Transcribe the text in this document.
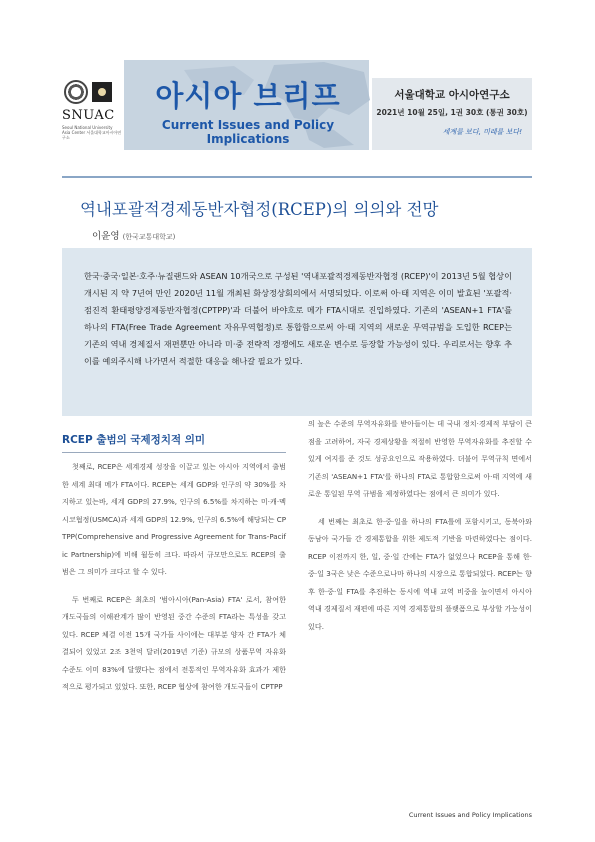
SNUAC
Seoul National University Asia Center 서울대학교아시아연구소
아시아 브리프
Current Issues and Policy Implications
서울대학교 아시아연구소
2021년 10월 25일, 1권 30호 (통권 30호)
세계를 보다, 미래를 보다!
역내포괄적경제동반자협정(RCEP)의 의의와 전망
이윤영 (한국교통대학교)

한국·중국·일본·호주·뉴질랜드와 ASEAN 10개국으로 구성된 '역내포괄적경제동반자협정 (RCEP)'이 2013년 5월 협상이 개시된 지 약 7년여 만인 2020년 11월 개최된 화상정상회의에서 서명되었다. 이로써 아·태 지역은 이미 발효된 '포괄적·점진적 환태평양경제동반자협정(CPTPP)'과 더불어 바야흐로 메가 FTA시대로 진입하였다. 기존의 'ASEAN+1 FTA'를 하나의 FTA(Free Trade Agreement 자유무역협정)로 통합함으로써 아·태 지역의 새로운 무역규범을 도입한 RCEP는 기존의 역내 경제질서 재편뿐만 아니라 미·중 전략적 경쟁에도 새로운 변수로 등장할 가능성이 있다. 우리로서는 향후 추이를 예의주시해 나가면서 적절한 대응을 해나갈 필요가 있다.

RCEP 출범의 국제정치적 의미

첫째로, RCEP은 세계경제 성장을 이끌고 있는 아시아 지역에서 출범한 세계 최대 메가 FTA이다. RCEP는 세계 GDP와 인구의 약 30%를 차지하고 있는바, 세계 GDP의 27.9%, 인구의 6.5%를 차지하는 미·캐·멕시코협정(USMCA)과 세계 GDP의 12.9%, 인구의 6.5%에 해당되는 CPTPP(Comprehensive and Progressive Agreement for Trans-Pacific Partnership)에 비해 월등히 크다. 따라서 규모만으로도 RCEP의 출범은 그 의미가 크다고 할 수 있다.

두 번째로 RCEP은 최초의 '범아시아(Pan-Asia) FTA' 로서, 참여한 개도국들의 이해관계가 많이 반영된 중간 수준의 FTA라는 특성을 갖고 있다. RCEP 체결 이전 15개 국가들 사이에는 대부분 양자 간 FTA가 체결되어 있었고 2조 3천억 달러(2019년 기준) 규모의 상품무역 자유화 수준도 이미 83%에 달했다는 점에서 전통적인 무역자유화 효과가 제한적으로 평가되고 있었다. 또한, RCEP 협상에 참여한 개도국들이 CPTPP

의 높은 수준의 무역자유화를 받아들이는 데 국내 정치·경제적 부담이 큰 점을 고려하여, 자국 경제상황을 적절히 반영한 무역자유화를 추진할 수 있게 여지를 준 것도 성공요인으로 작용하였다. 더불어 무역규칙 면에서 기존의 'ASEAN+1 FTA'를 하나의 FTA로 통합함으로써 아·태 지역에 새로운 통일된 무역 규범을 제정하였다는 점에서 큰 의미가 있다.

세 번째는 최초로 한·중·일을 하나의 FTA틀에 포함시키고, 동북아와 동남아 국가들 간 경제통합을 위한 제도적 기반을 마련하였다는 점이다. RCEP 이전까지 한, 일, 중·일 간에는 FTA가 없었으나 RCEP을 통해 한·중·일 3국은 낮은 수준으로나마 하나의 시장으로 통합되었다. RCEP는 향후 한·중·일 FTA를 추진하는 동시에 역내 교역 비중을 높이면서 아시아 역내 경제질서 재편에 따른 지역 경제통합의 플랫폼으로 부상할 가능성이 있다.

Current Issues and Policy Implications
